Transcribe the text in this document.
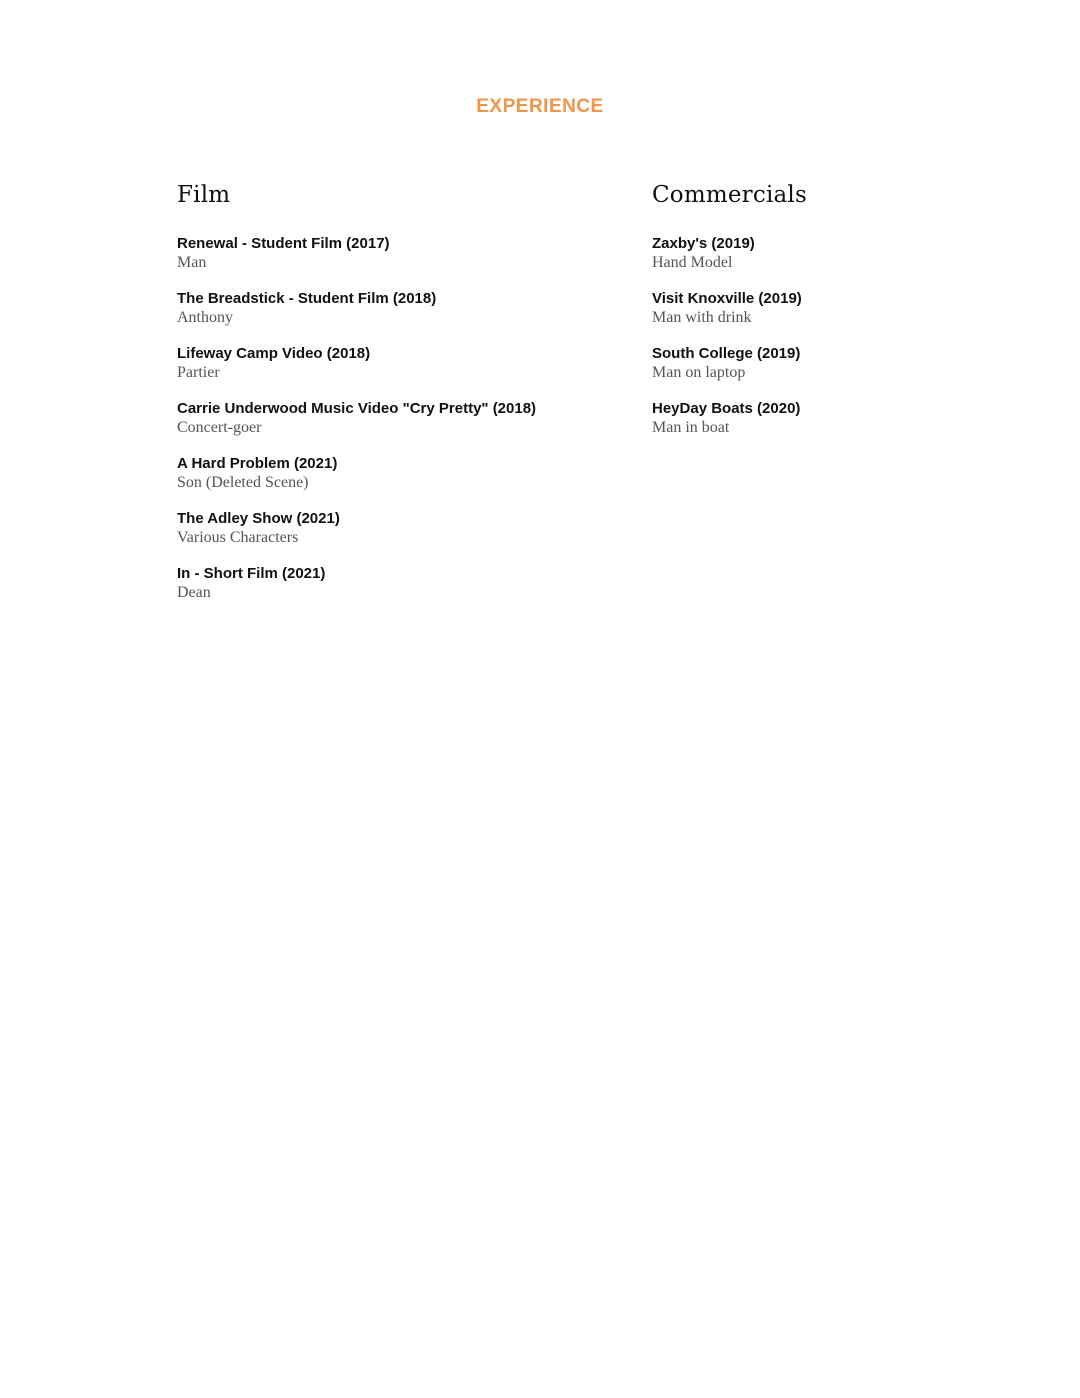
EXPERIENCE
Film
Renewal - Student Film (2017)
Man
The Breadstick - Student Film (2018)
Anthony
Lifeway Camp Video (2018)
Partier
Carrie Underwood Music Video "Cry Pretty" (2018)
Concert-goer
A Hard Problem (2021)
Son (Deleted Scene)
The Adley Show (2021)
Various Characters
In - Short Film (2021)
Dean
Commercials
Zaxby's (2019)
Hand Model
Visit Knoxville (2019)
Man with drink
South College (2019)
Man on laptop
HeyDay Boats (2020)
Man in boat
